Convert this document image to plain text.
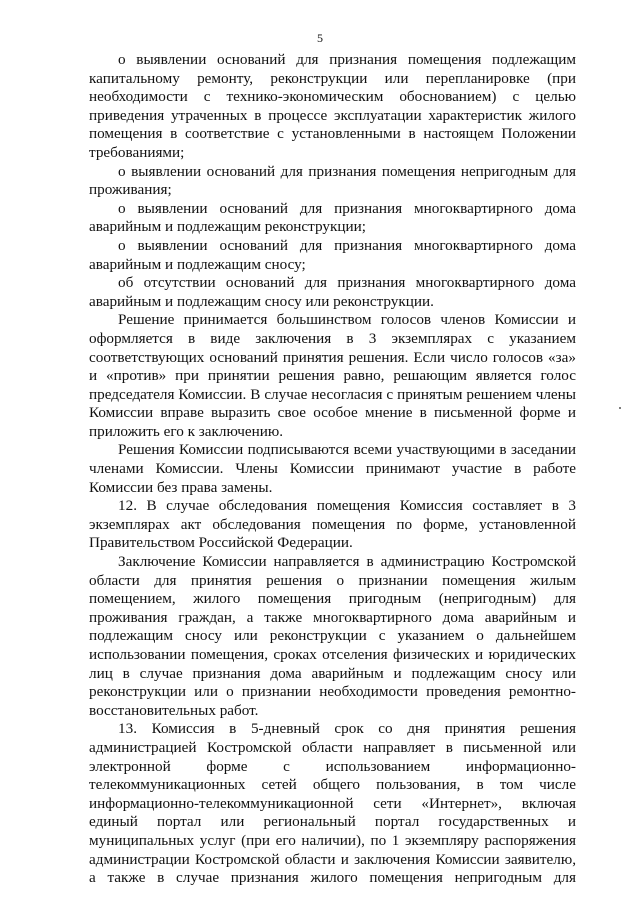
5

о выявлении оснований для признания помещения подлежащим капитальному ремонту, реконструкции или перепланировке (при необходимости с технико-экономическим обоснованием) с целью приведения утраченных в процессе эксплуатации характеристик жилого помещения в соответствие с установленными в настоящем Положении требованиями;

о выявлении оснований для признания помещения непригодным для проживания;

о выявлении оснований для признания многоквартирного дома аварийным и подлежащим реконструкции;

о выявлении оснований для признания многоквартирного дома аварийным и подлежащим сносу;

об отсутствии оснований для признания многоквартирного дома аварийным и подлежащим сносу или реконструкции.

Решение принимается большинством голосов членов Комиссии и оформляется в виде заключения в 3 экземплярах с указанием соответствующих оснований принятия решения. Если число голосов «за» и «против» при принятии решения равно, решающим является голос председателя Комиссии. В случае несогласия с принятым решением члены Комиссии вправе выразить свое особое мнение в письменной форме и приложить его к заключению.

Решения Комиссии подписываются всеми участвующими в заседании членами Комиссии. Члены Комиссии принимают участие в работе Комиссии без права замены.

12. В случае обследования помещения Комиссия составляет в 3 экземплярах акт обследования помещения по форме, установленной Правительством Российской Федерации.

Заключение Комиссии направляется в администрацию Костромской области для принятия решения о признании помещения жилым помещением, жилого помещения пригодным (непригодным) для проживания граждан, а также многоквартирного дома аварийным и подлежащим сносу или реконструкции с указанием о дальнейшем использовании помещения, сроках отселения физических и юридических лиц в случае признания дома аварийным и подлежащим сносу или реконструкции или о признании необходимости проведения ремонтно-восстановительных работ.

13. Комиссия в 5-дневный срок со дня принятия решения администрацией Костромской области направляет в письменной или электронной форме с использованием информационно-телекоммуникационных сетей общего пользования, в том числе информационно-телекоммуникационной сети «Интернет», включая единый портал или региональный портал государственных и муниципальных услуг (при его наличии), по 1 экземпляру распоряжения администрации Костромской области и заключения Комиссии заявителю, а также в случае признания жилого помещения непригодным для
